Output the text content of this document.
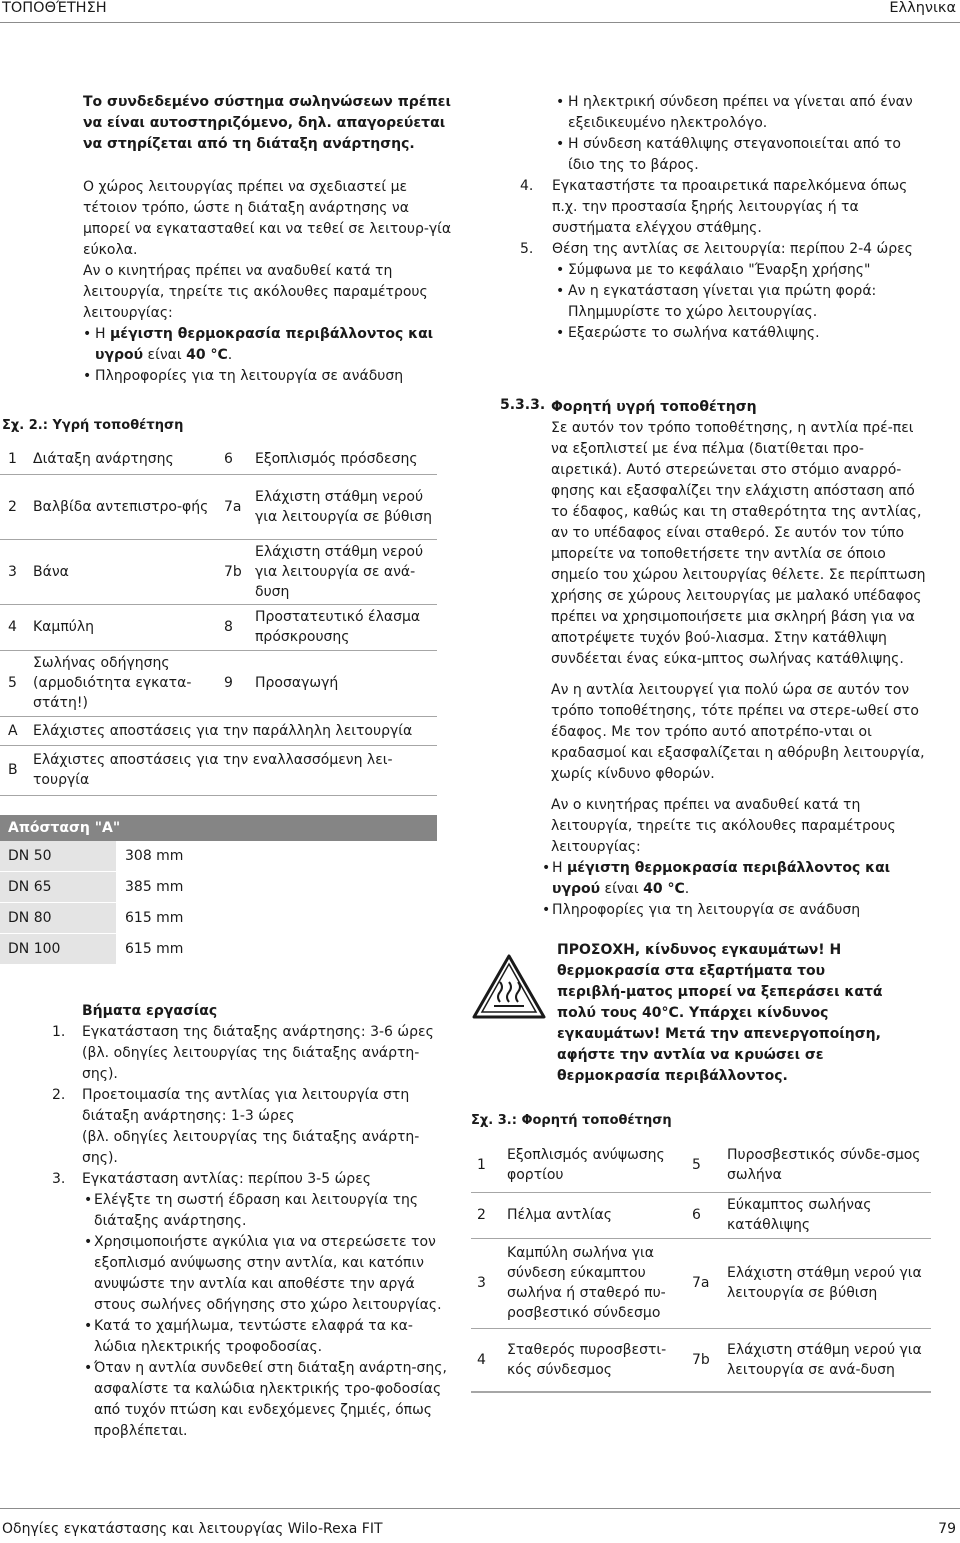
ΤΟΠΟΘΈΤΗΣΗ	Ελληνικα

Το συνδεδεμένο σύστημα σωληνώσεων πρέπει να είναι αυτοστηριζόμενο, δηλ. απαγορεύεται να στηρίζεται από τη διάταξη ανάρτησης.

Ο χώρος λειτουργίας πρέπει να σχεδιαστεί με τέτοιον τρόπο, ώστε η διάταξη ανάρτησης να μπορεί να εγκατασταθεί και να τεθεί σε λειτουρ-γία εύκολα.

Αν ο κινητήρας πρέπει να αναδυθεί κατά τη λειτουργία, τηρείτε τις ακόλουθες παραμέτρους λειτουργίας:

• Η μέγιστη θερμοκρασία περιβάλλοντος και υγρού είναι 40 °C.
• Πληροφορίες για τη λειτουργία σε ανάδυση
Σχ. 2.: Υγρή τοποθέτηση
1	Διάταξη ανάρτησης	6	Εξοπλισμός πρόσδεσης
2	Βαλβίδα αντεπιστρο-φής	7a	Ελάχιστη στάθμη νερού για λειτουργία σε βύθιση
3	Βάνα	7b	Ελάχιστη στάθμη νερού για λειτουργία σε ανά-δυση
4	Καμπύλη	8	Προστατευτικό έλασμα πρόσκρουσης
5	Σωλήνας οδήγησης (αρμοδιότητα εγκατα-στάτη!)	9	Προσαγωγή
A	Ελάχιστες αποστάσεις για την παράλληλη λειτουργία		
B	Ελάχιστες αποστάσεις για την εναλλασσόμενη λει-τουργία		
Απόσταση "A"
DN 50	308 mm
DN 65	385 mm
DN 80	615 mm
DN 100	615 mm
Βήματα εργασίας
1. Εγκατάσταση της διάταξης ανάρτησης: 3-6 ώρες (βλ. οδηγίες λειτουργίας της διάταξης ανάρτη-σης).
2. Προετοιμασία της αντλίας για λειτουργία στη διάταξη ανάρτησης: 1-3 ώρες
(βλ. οδηγίες λειτουργίας της διάταξης ανάρτη-σης).
3. Εγκατάσταση αντλίας: περίπου 3-5 ώρες
• Ελέγξτε τη σωστή έδραση και λειτουργία της διάταξης ανάρτησης.
• Χρησιμοποιήστε αγκύλια για να στερεώσετε τον εξοπλισμό ανύψωσης στην αντλία, και κατόπιν ανυψώστε την αντλία και αποθέστε την αργά στους σωλήνες οδήγησης στο χώρο λειτουργίας.
• Κατά το χαμήλωμα, τεντώστε ελαφρά τα κα-λώδια ηλεκτρικής τροφοδοσίας.
• Όταν η αντλία συνδεθεί στη διάταξη ανάρτη-σης, ασφαλίστε τα καλώδια ηλεκτρικής τρο-φοδοσίας από τυχόν πτώση και ενδεχόμενες ζημιές, όπως προβλέπεται.
• Η ηλεκτρική σύνδεση πρέπει να γίνεται από έναν εξειδικευμένο ηλεκτρολόγο.
• Η σύνδεση κατάθλιψης στεγανοποιείται από το ίδιο της το βάρος.
4. Εγκαταστήστε τα προαιρετικά παρελκόμενα όπως π.χ. την προστασία ξηρής λειτουργίας ή τα συστήματα ελέγχου στάθμης.
5. Θέση της αντλίας σε λειτουργία: περίπου 2-4 ώρες
• Σύμφωνα με το κεφάλαιο "Έναρξη χρήσης"
• Αν η εγκατάσταση γίνεται για πρώτη φορά: Πλημμυρίστε το χώρο λειτουργίας.
• Εξαερώστε το σωλήνα κατάθλιψης.
5.3.3. Φορητή υγρή τοποθέτηση
Σε αυτόν τον τρόπο τοποθέτησης, η αντλία πρέ-πει να εξοπλιστεί με ένα πέλμα (διατίθεται προ-αιρετικά). Αυτό στερεώνεται στο στόμιο αναρρό-φησης και εξασφαλίζει την ελάχιστη απόσταση από το έδαφος, καθώς και τη σταθερότητα της αντλίας, αν το υπέδαφος είναι σταθερό. Σε αυτόν τον τύπο μπορείτε να τοποθετήσετε την αντλία σε όποιο σημείο του χώρου λειτουργίας θέλετε. Σε περίπτωση χρήσης σε χώρους λειτουργίας με μαλακό υπέδαφος πρέπει να χρησιμοποιήσετε μια σκληρή βάση για να αποτρέψετε τυχόν βού-λιασμα. Στην κατάθλιψη συνδέεται ένας εύκα-μπτος σωλήνας κατάθλιψης.
Αν η αντλία λειτουργεί για πολύ ώρα σε αυτόν τον τρόπο τοποθέτησης, τότε πρέπει να στερε-ωθεί στο έδαφος. Με τον τρόπο αυτό αποτρέπο-νται οι κραδασμοί και εξασφαλίζεται η αθόρυβη λειτουργία, χωρίς κίνδυνο φθορών.
Αν ο κινητήρας πρέπει να αναδυθεί κατά τη λειτουργία, τηρείτε τις ακόλουθες παραμέτρους λειτουργίας:
• Η μέγιστη θερμοκρασία περιβάλλοντος και υγρού είναι 40 °C.
• Πληροφορίες για τη λειτουργία σε ανάδυση
ΠΡΟΣΟΧΗ, κίνδυνος εγκαυμάτων! Η θερμοκρασία στα εξαρτήματα του περιβλή-ματος μπορεί να ξεπεράσει κατά πολύ τους 40°C. Υπάρχει κίνδυνος εγκαυμάτων! Μετά την απενεργοποίηση, αφήστε την αντλία να κρυώσει σε θερμοκρασία περιβάλλοντος.
Σχ. 3.: Φορητή τοποθέτηση
1	Εξοπλισμός ανύψωσης φορτίου	5	Πυροσβεστικός σύνδε-σμος σωλήνα
2	Πέλμα αντλίας	6	Εύκαμπτος σωλήνας κατάθλιψης
3	Καμπύλη σωλήνα για σύνδεση εύκαμπτου σωλήνα ή σταθερό πυ-ροσβεστικό σύνδεσμο	7a	Ελάχιστη στάθμη νερού για λειτουργία σε βύθιση
4	Σταθερός πυροσβεστι-κός σύνδεσμος	7b	Ελάχιστη στάθμη νερού για λειτουργία σε ανά-δυση
Οδηγίες εγκατάστασης και λειτουργίας Wilo-Rexa FIT	79
